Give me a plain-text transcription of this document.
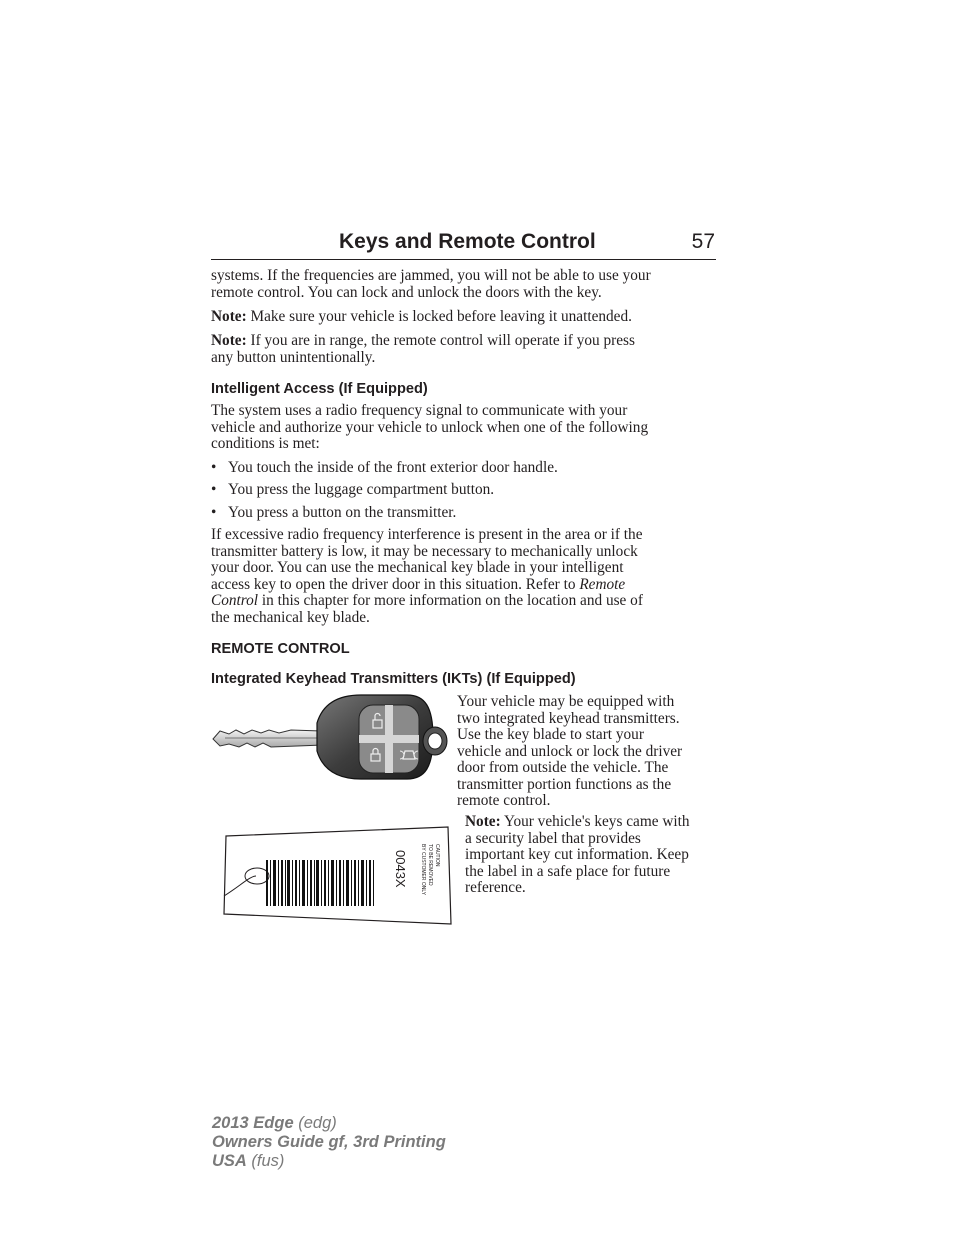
Keys and Remote Control	57
systems. If the frequencies are jammed, you will not be able to use your
remote control. You can lock and unlock the doors with the key.
Note: Make sure your vehicle is locked before leaving it unattended.
Note: If you are in range, the remote control will operate if you press
any button unintentionally.
Intelligent Access (If Equipped)
The system uses a radio frequency signal to communicate with your
vehicle and authorize your vehicle to unlock when one of the following
conditions is met:
• You touch the inside of the front exterior door handle.
• You press the luggage compartment button.
• You press a button on the transmitter.
If excessive radio frequency interference is present in the area or if the
transmitter battery is low, it may be necessary to mechanically unlock
your door. You can use the mechanical key blade in your intelligent
access key to open the driver door in this situation. Refer to Remote
Control in this chapter for more information on the location and use of
the mechanical key blade.
REMOTE CONTROL
Integrated Keyhead Transmitters (IKTs) (If Equipped)
0043X	CAUTION
TO BE REMOVED
BY CUSTOMER ONLY
Your vehicle may be equipped with
two integrated keyhead transmitters.
Use the key blade to start your
vehicle and unlock or lock the driver
door from outside the vehicle. The
transmitter portion functions as the
remote control.
Note: Your vehicle's keys came with
a security label that provides
important key cut information. Keep
the label in a safe place for future
reference.
2013 Edge (edg)
Owners Guide gf, 3rd Printing
USA (fus)
